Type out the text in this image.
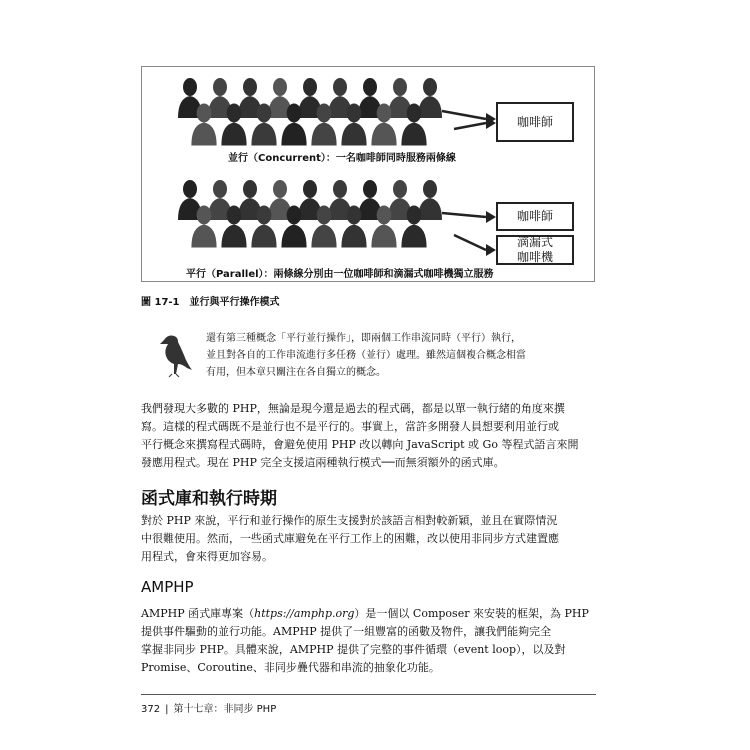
咖啡師
並行（Concurrent）：一名咖啡師同時服務兩條線
咖啡師
滴漏式
咖啡機
平行（Parallel）：兩條線分別由一位咖啡師和滴漏式咖啡機獨立服務
圖 17-1 並行與平行操作模式
還有第三種概念「平行並行操作」，即兩個工作串流同時（平行）執行，
並且對各自的工作串流進行多任務（並行）處理。雖然這個複合概念相當
有用，但本章只關注在各自獨立的概念。
我們發現大多數的 PHP，無論是現今還是過去的程式碼，都是以單一執行緒的角度來撰
寫。這樣的程式碼既不是並行也不是平行的。事實上，當許多開發人員想要利用並行或
平行概念來撰寫程式碼時，會避免使用 PHP 改以轉向 JavaScript 或 Go 等程式語言來開
發應用程式。現在 PHP 完全支援這兩種執行模式──而無須額外的函式庫。
函式庫和執行時期
對於 PHP 來說，平行和並行操作的原生支援對於該語言相對較新穎，並且在實際情況
中很難使用。然而，一些函式庫避免在平行工作上的困難，改以使用非同步方式建置應
用程式，會來得更加容易。
AMPHP
AMPHP 函式庫專案（https://amphp.org）是一個以 Composer 來安裝的框架，為 PHP
提供事件驅動的並行功能。AMPHP 提供了一組豐富的函數及物件，讓我們能夠完全
掌握非同步 PHP。具體來說，AMPHP 提供了完整的事件循環（event loop），以及對
Promise、Coroutine、非同步疊代器和串流的抽象化功能。
372 | 第十七章：非同步 PHP
